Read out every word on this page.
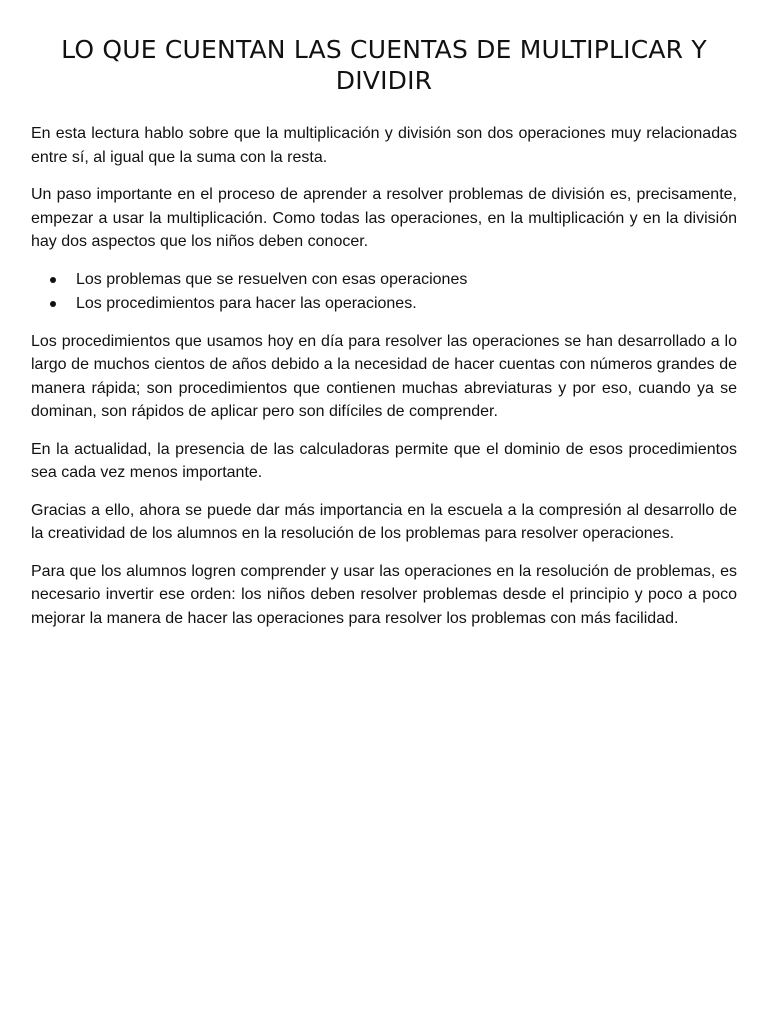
LO QUE CUENTAN LAS CUENTAS DE MULTIPLICAR Y DIVIDIR

En esta lectura hablo sobre que la multiplicación y división son dos operaciones muy relacionadas entre sí, al igual que la suma con la resta.

Un paso importante en el proceso de aprender a resolver problemas de división es, precisamente, empezar a usar la multiplicación. Como todas las operaciones, en la multiplicación y en la división hay dos aspectos que los niños deben conocer.

Los problemas que se resuelven con esas operaciones
Los procedimientos para hacer las operaciones.

Los procedimientos que usamos hoy en día para resolver las operaciones se han desarrollado a lo largo de muchos cientos de años debido a la necesidad de hacer cuentas con números grandes de manera rápida; son procedimientos que contienen muchas abreviaturas y por eso, cuando ya se dominan, son rápidos de aplicar pero son difíciles de comprender.

En la actualidad, la presencia de las calculadoras permite que el dominio de esos procedimientos sea cada vez menos importante.

Gracias a ello, ahora se puede dar más importancia en la escuela a la compresión al desarrollo de la creatividad de los alumnos en la resolución de los problemas para resolver operaciones.

Para que los alumnos logren comprender y usar las operaciones en la resolución de problemas, es necesario invertir ese orden: los niños deben resolver problemas desde el principio y poco a poco mejorar la manera de hacer las operaciones para resolver los problemas con más facilidad.
